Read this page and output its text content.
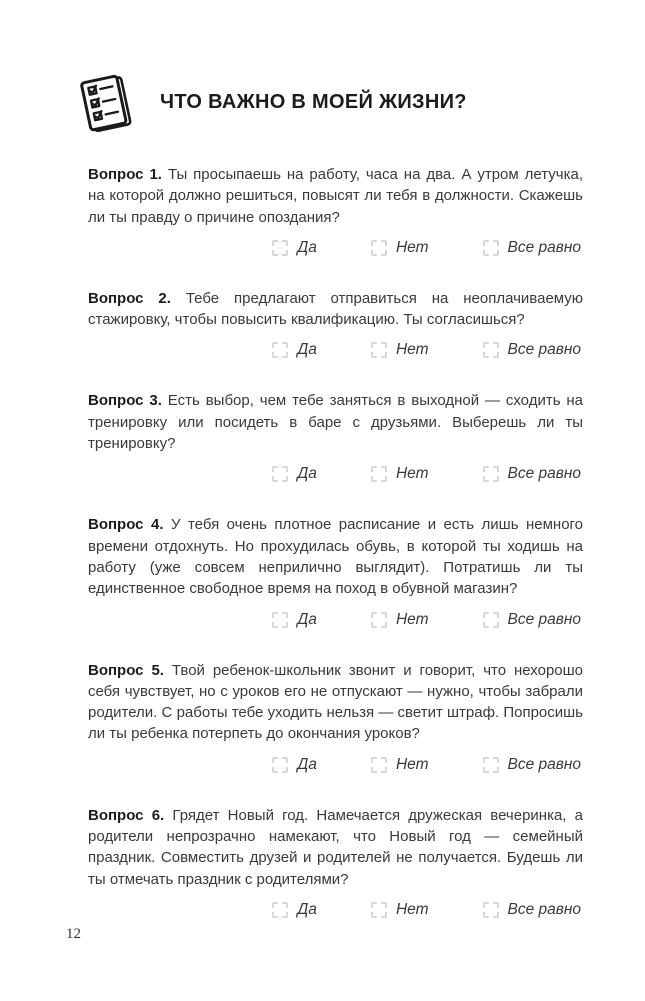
ЧТО ВАЖНО В МОЕЙ ЖИЗНИ?

Вопрос 1. Ты просыпаешь на работу, часа на два. А утром летучка, на которой должно решиться, повысят ли тебя в должности. Скажешь ли ты правду о причине опоздания?

Да	Нет	Все равно

Вопрос 2. Тебе предлагают отправиться на неоплачиваемую стажировку, чтобы повысить квалификацию. Ты согласишься?

Да	Нет	Все равно

Вопрос 3. Есть выбор, чем тебе заняться в выходной — сходить на тренировку или посидеть в баре с друзьями. Выберешь ли ты тренировку?

Да	Нет	Все равно

Вопрос 4. У тебя очень плотное расписание и есть лишь немного времени отдохнуть. Но прохудилась обувь, в которой ты ходишь на работу (уже совсем неприлично выглядит). Потратишь ли ты единственное свободное время на поход в обувной магазин?

Да	Нет	Все равно

Вопрос 5. Твой ребенок-школьник звонит и говорит, что нехорошо себя чувствует, но с уроков его не отпускают — нужно, чтобы забрали родители. С работы тебе уходить нельзя — светит штраф. Попросишь ли ты ребенка потерпеть до окончания уроков?

Да	Нет	Все равно

Вопрос 6. Грядет Новый год. Намечается дружеская вечеринка, а родители непрозрачно намекают, что Новый год — семейный праздник. Совместить друзей и родителей не получается. Будешь ли ты отмечать праздник с родителями?

Да	Нет	Все равно
12
